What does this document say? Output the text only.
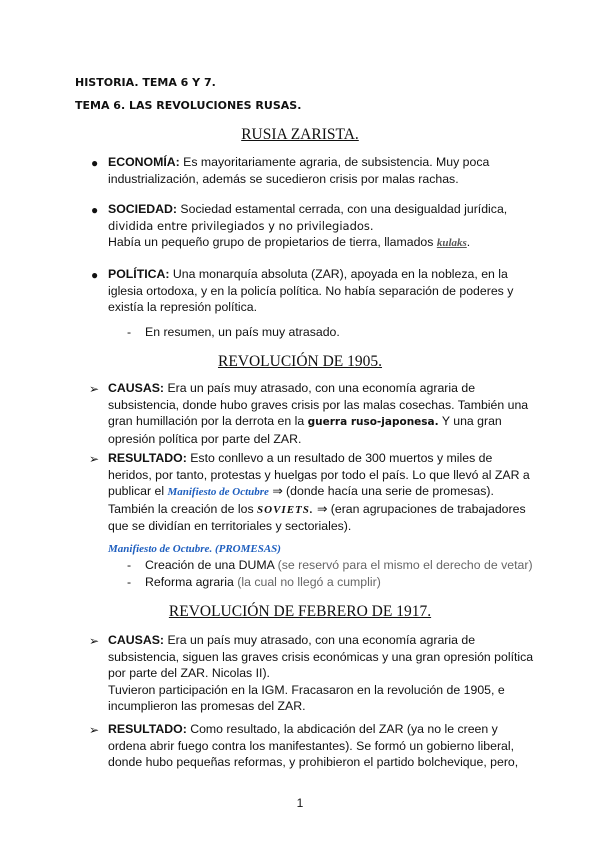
HISTORIA. TEMA 6 Y 7.
TEMA 6. LAS REVOLUCIONES RUSAS.
RUSIA ZARISTA.
● ECONOMÍA: Es mayoritariamente agraria, de subsistencia. Muy poca
industrialización, además se sucedieron crisis por malas rachas.
● SOCIEDAD: Sociedad estamental cerrada, con una desigualdad jurídica,
dividida entre privilegiados y no privilegiados.
Había un pequeño grupo de propietarios de tierra, llamados kulaks.
● POLÍTICA: Una monarquía absoluta (ZAR), apoyada en la nobleza, en la
iglesia ortodoxa, y en la policía política. No había separación de poderes y
existía la represión política.
- En resumen, un país muy atrasado.
REVOLUCIÓN DE 1905.
➢ CAUSAS: Era un país muy atrasado, con una economía agraria de
subsistencia, donde hubo graves crisis por las malas cosechas. También una
gran humillación por la derrota en la guerra ruso-japonesa. Y una gran
opresión política por parte del ZAR.
➢ RESULTADO: Esto conllevo a un resultado de 300 muertos y miles de
heridos, por tanto, protestas y huelgas por todo el país. Lo que llevó al ZAR a
publicar el Manifiesto de Octubre ⇒ (donde hacía una serie de promesas).
También la creación de los SOVIETS. ⇒ (eran agrupaciones de trabajadores
que se dividían en territoriales y sectoriales).
Manifiesto de Octubre. (PROMESAS)
- Creación de una DUMA (se reservó para el mismo el derecho de vetar)
- Reforma agraria (la cual no llegó a cumplir)
REVOLUCIÓN DE FEBRERO DE 1917.
➢ CAUSAS: Era un país muy atrasado, con una economía agraria de
subsistencia, siguen las graves crisis económicas y una gran opresión política
por parte del ZAR. Nicolas II).
Tuvieron participación en la IGM. Fracasaron en la revolución de 1905, e
incumplieron las promesas del ZAR.
➢ RESULTADO: Como resultado, la abdicación del ZAR (ya no le creen y
ordena abrir fuego contra los manifestantes). Se formó un gobierno liberal,
donde hubo pequeñas reformas, y prohibieron el partido bolchevique, pero,
1
